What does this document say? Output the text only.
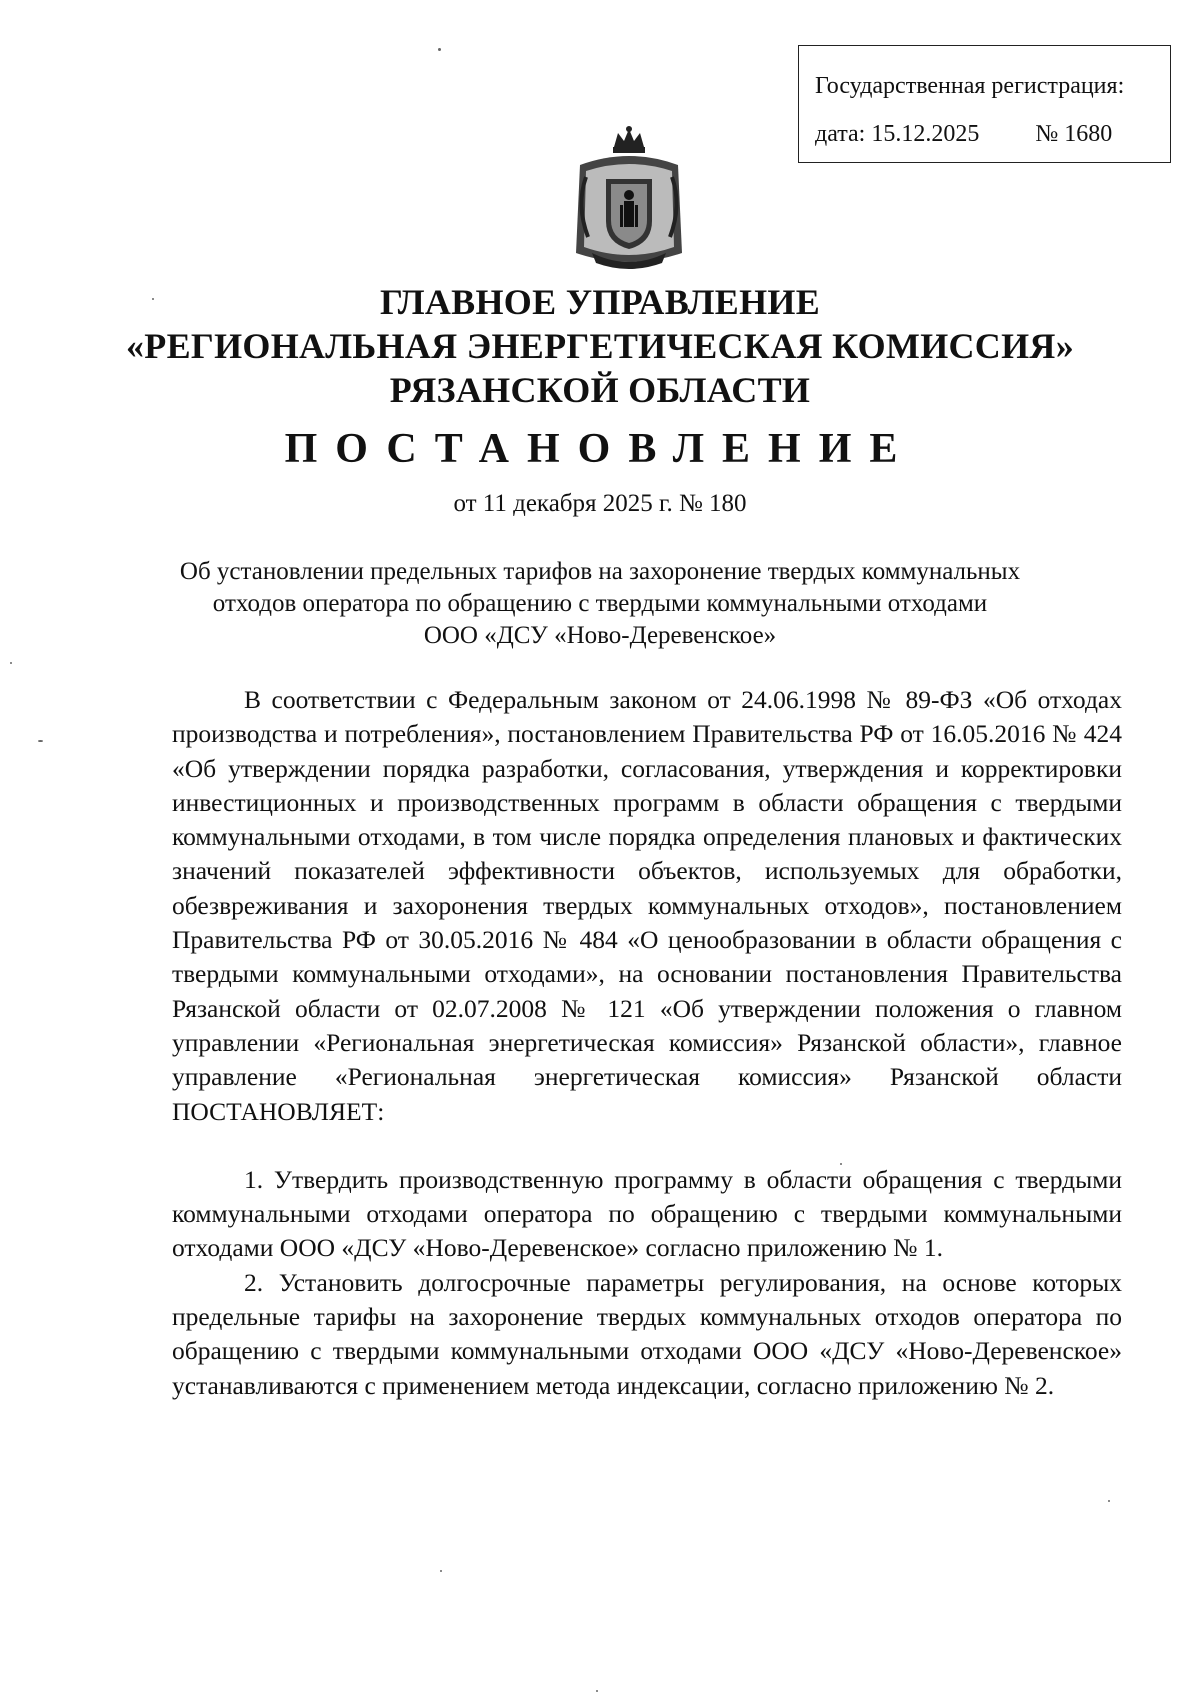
Государственная регистрация:
дата: 15.12.2025 № 1680
ГЛАВНОЕ УПРАВЛЕНИЕ
«РЕГИОНАЛЬНАЯ ЭНЕРГЕТИЧЕСКАЯ КОМИССИЯ»
РЯЗАНСКОЙ ОБЛАСТИ
ПОСТАНОВЛЕНИЕ
от 11 декабря 2025 г. № 180
Об установлении предельных тарифов на захоронение твердых коммунальных
отходов оператора по обращению с твердыми коммунальными отходами
ООО «ДСУ «Ново-Деревенское»

В соответствии с Федеральным законом от 24.06.1998 № 89-ФЗ «Об отходах производства и потребления», постановлением Правительства РФ от 16.05.2016 № 424 «Об утверждении порядка разработки, согласования, утверждения и корректировки инвестиционных и производственных программ в области обращения с твердыми коммунальными отходами, в том числе порядка определения плановых и фактических значений показателей эффективности объектов, используемых для обработки, обезвреживания и захоронения твердых коммунальных отходов», постановлением Правительства РФ от 30.05.2016 № 484 «О ценообразовании в области обращения с твердыми коммунальными отходами», на основании постановления Правительства Рязанской области от 02.07.2008 № 121 «Об утверждении положения о главном управлении «Региональная энергетическая комиссия» Рязанской области», главное управление «Региональная энергетическая комиссия» Рязанской области ПОСТАНОВЛЯЕТ:

1. Утвердить производственную программу в области обращения с твердыми коммунальными отходами оператора по обращению с твердыми коммунальными отходами ООО «ДСУ «Ново-Деревенское» согласно приложению № 1.

2. Установить долгосрочные параметры регулирования, на основе которых предельные тарифы на захоронение твердых коммунальных отходов оператора по обращению с твердыми коммунальными отходами ООО «ДСУ «Ново-Деревенское» устанавливаются с применением метода индексации, согласно приложению № 2.
